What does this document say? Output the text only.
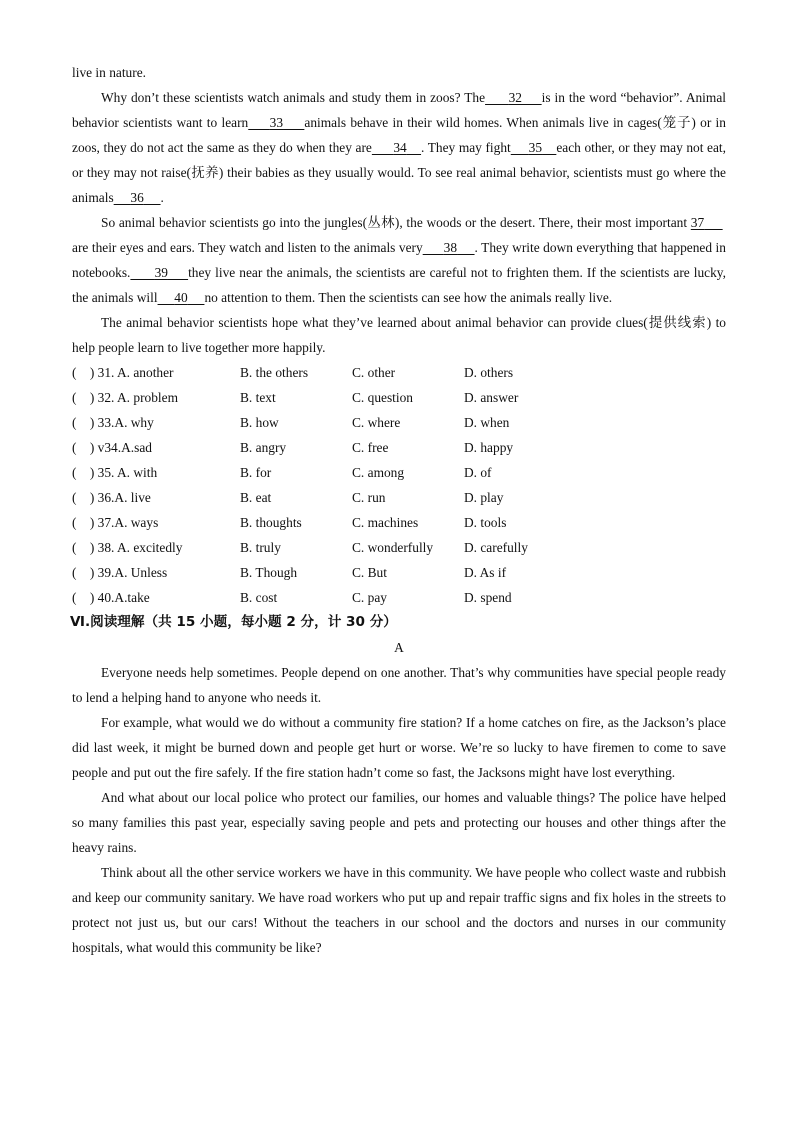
live in nature.

Why don’t these scientists watch animals and study them in zoos? The 32 is in the word “behavior”. Animal behavior scientists want to learn 33 animals behave in their wild homes. When animals live in cages(笼子) or in zoos, they do not act the same as they do when they are 34 . They may fight 35 each other, or they may not eat, or they may not raise(抚养) their babies as they usually would. To see real animal behavior, scientists must go where the animals 36 .

So animal behavior scientists go into the jungles(丛林), the woods or the desert. There, their most important 37       are their eyes and ears. They watch and listen to the animals very 38 . They write down everything that happened in notebooks. 39 they live near the animals, the scientists are careful not to frighten them. If the scientists are lucky, the animals will 40 no attention to them. Then the scientists can see how the animals really live.

The animal behavior scientists hope what they’ve learned about animal behavior can provide clues(提供线索) to help people learn to live together more happily.

(    ) 31. A. another	B. the others	C. other	D. others
(    ) 32. A. problem	B. text	C. question	D. answer
(    ) 33.A. why	B. how	C. where	D. when
(    ) v34.A.sad	B. angry	C. free	D. happy
(    ) 35. A. with	B. for	C. among	D. of
(    ) 36.A. live	B. eat	C. run	D. play
(    ) 37.A. ways	B. thoughts	C. machines	D. tools
(    ) 38. A. excitedly	B. truly	C. wonderfully	D. carefully
(    ) 39.A. Unless	B. Though	C. But	D. As if
(    ) 40.A.take	B. cost	C. pay	D. spend
Ⅵ.阅读理解（共 15 小题，每小题 2 分，计 30 分）
A

Everyone needs help sometimes. People depend on one another. That’s why communities have special people ready to lend a helping hand to anyone who needs it.

For example, what would we do without a community fire station? If a home catches on fire, as the Jackson’s place did last week, it might be burned down and people get hurt or worse. We’re so lucky to have firemen to come to save people and put out the fire safely. If the fire station hadn’t come so fast, the Jacksons might have lost everything.

And what about our local police who protect our families, our homes and valuable things? The police have helped so many families this past year, especially saving people and pets and protecting our houses and other things after the heavy rains.

Think about all the other service workers we have in this community. We have people who collect waste and rubbish and keep our community sanitary. We have road workers who put up and repair traffic signs and fix holes in the streets to protect not just us, but our cars! Without the teachers in our school and the doctors and nurses in our community hospitals, what would this community be like?
